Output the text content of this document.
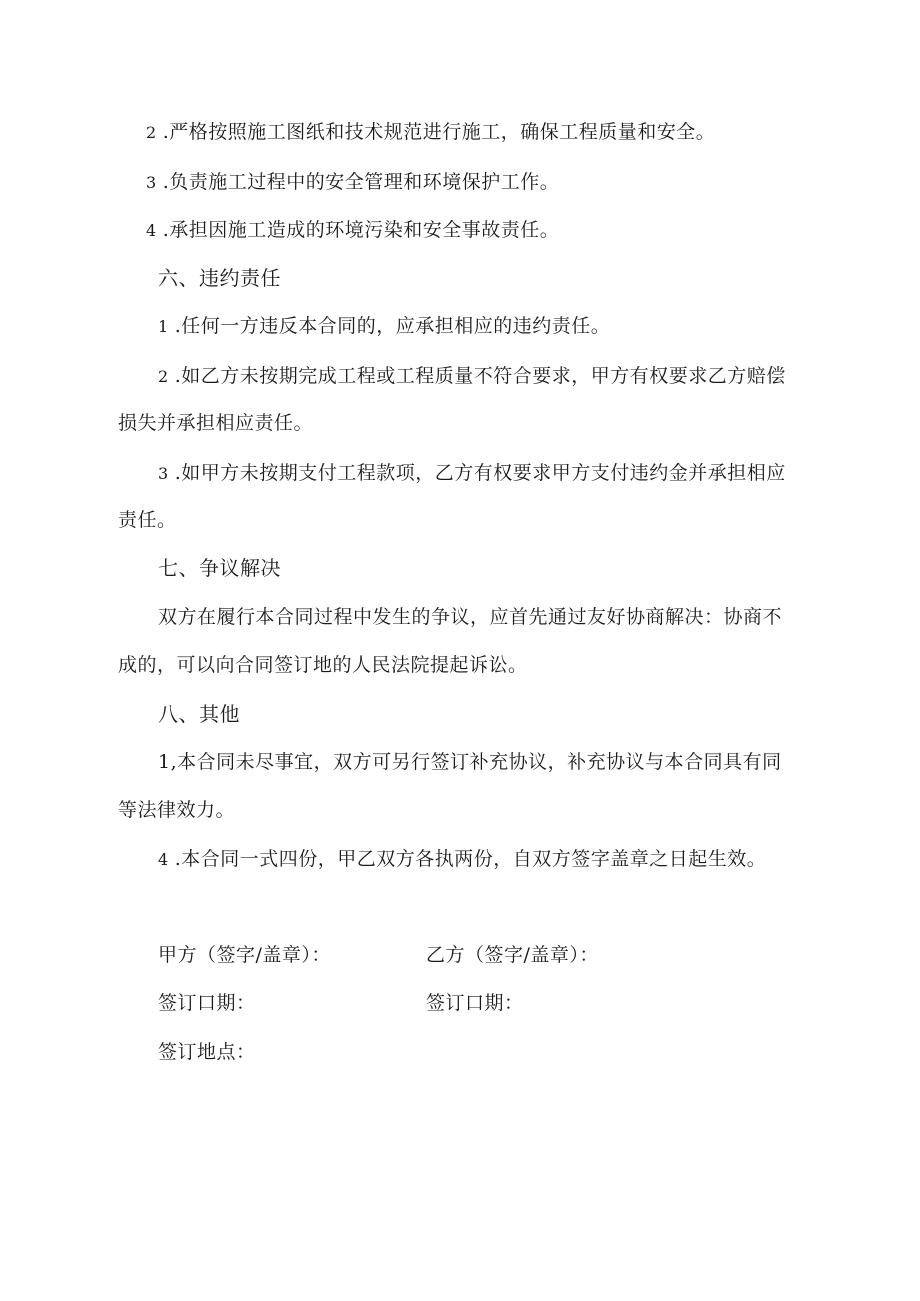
2 .严格按照施工图纸和技术规范进行施工，确保工程质量和安全。
3 .负责施工过程中的安全管理和环境保护工作。
4 .承担因施工造成的环境污染和安全事故责任。
六、违约责任
1 .任何一方违反本合同的，应承担相应的违约责任。
2 .如乙方未按期完成工程或工程质量不符合要求，甲方有权要求乙方赔偿
损失并承担相应责任。
3 .如甲方未按期支付工程款项，乙方有权要求甲方支付违约金并承担相应
责任。
七、争议解决
双方在履行本合同过程中发生的争议，应首先通过友好协商解决：协商不
成的，可以向合同签订地的人民法院提起诉讼。
八、其他
1,本合同未尽事宜，双方可另行签订补充协议，补充协议与本合同具有同
等法律效力。
4 .本合同一式四份，甲乙双方各执两份，自双方签字盖章之日起生效。
甲方（签字/盖章）：	乙方（签字/盖章）：
签订口期：	签订口期：
签订地点：
